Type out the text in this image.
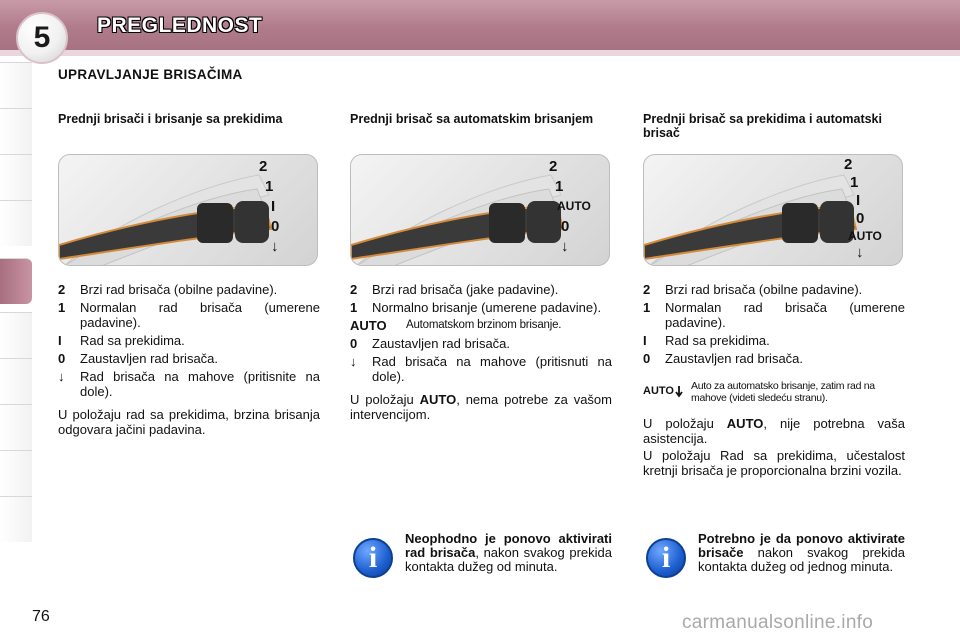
5	PREGLEDNOST
UPRAVLJANJE BRISAČIMA
Prednji brisači i brisanje sa prekidima
2
1
I
0
↓
2	Brzi rad brisača (obilne padavine).
1	Normalan rad brisača (umerene padavine).
I	Rad sa prekidima.
0	Zaustavljen rad brisača.
↓	Rad brisača na mahove (pritisnite na dole).
U položaju rad sa prekidima, brzina brisanja odgovara jačini padavina.
Prednji brisač sa automatskim brisanjem
2
1
AUTO
0
↓
2	Brzi rad brisača (jake padavine).
1	Normalno brisanje (umerene padavine).
AUTO	Automatskom brzinom brisanje.
0	Zaustavljen rad brisača.
↓	Rad brisača na mahove (pritisnuti na dole).
U položaju AUTO, nema potrebe za vašom intervencijom.
Prednji brisač sa prekidima i automatski brisač
2
1
I
0
AUTO
↓
2	Brzi rad brisača (obilne padavine).
1	Normalan rad brisača (umerene padavine).
I	Rad sa prekidima.
0	Zaustavljen rad brisača.
AUTO Auto za automatsko brisanje, zatim rad na mahove (videti sledeću stranu).
U položaju AUTO, nije potrebna vaša asistencija.
U položaju Rad sa prekidima, učestalost kretnji brisača je proporcionalna brzini vozila.
i
Neophodno je ponovo aktivirati rad brisača, nakon svakog prekida kontakta dužeg od minuta.	i
Potrebno je da ponovo aktivirate brisače nakon svakog prekida kontakta dužeg od jednog minuta.
76	carmanualsonline.info
